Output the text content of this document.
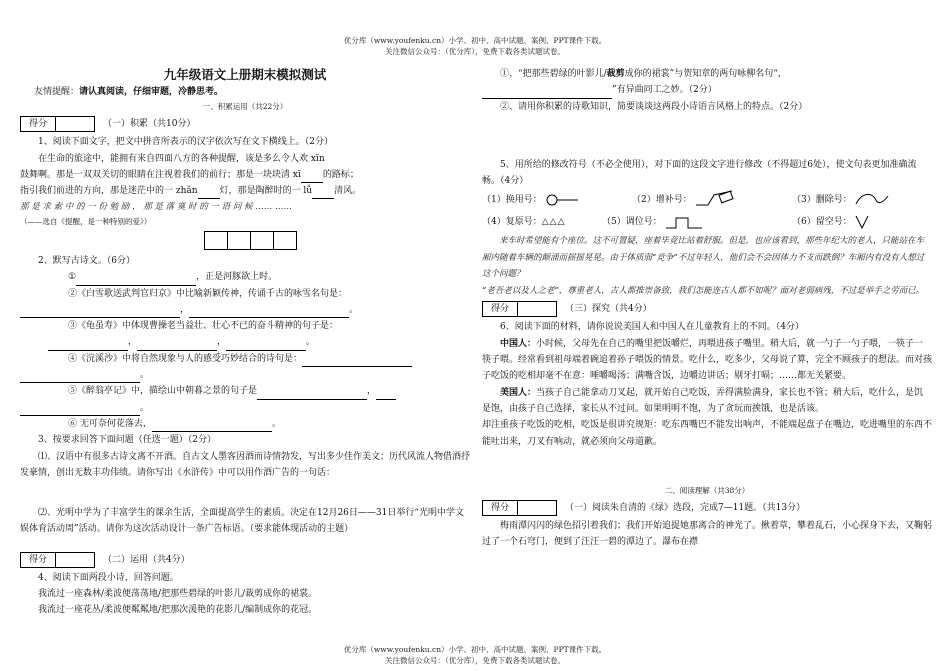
优分库（www.youfenku.cn）小学、初中、高中试题、案例、PPT课件下载。

关注微信公众号：（优分库），免费下载各类试题试卷。

九年级语文上册期末模拟测试

友情提醒：请认真阅读，仔细审题，冷静思考。

一、积累运用（共22分）

得分	（一）积累（共10分）

1、阅读下面文字，把文中拼音所表示的汉字依次写在文下横线上。（2分）

在生命的旅途中，能拥有来自四面八方的各种提醒，该是多么令人欢 xīn

鼓舞啊。那是一双双关切的眼睛在注视着我们的前行；那是一块块清 xī 的路标；

指引我们前进的方向，那是迷茫中的一 zhǎn 灯，那是陶醉时的一 lǚ 清风。

那 是 求 索 中 的 一 份 勉 励 ， 那 是 落 寞 时 的 一 语 问 候 …… ……

（——选自《提醒，是一种特别的爱》）

2、默写古诗文。（6分）

①	，正是河豚欲上时。

②《白雪歌送武判官归京》中比喻新颖传神，传诵千古的咏雪名句是：

，	。

③《龟虽寿》中体现曹操老当益壮、壮心不已的奋斗精神的句子是：

，	，	。

④《浣溪沙》中将自然现象与人的感受巧妙结合的诗句是：

。

⑤《醉翁亭记》中，描绘山中朝暮之景的句子是	，

。

⑥ 无可奈何花落去，	。

3、按要求回答下面问题（任选一题）（2分）

⑴、汉语中有很多古诗文离不开酒。自古文人墨客因酒而诗情勃发，写出多少佳作美文；历代风流人物借酒抒发豪情，创出无数丰功伟绩。请你写出《水浒传》中可以用作酒广告的一句话：

⑵、光明中学为了丰富学生的课余生活，全面提高学生的素质。决定在12月26日——31日举行“光明中学文娱体育活动周”活动。请你为这次活动设计一条广告标语。（要求能体现活动的主题）

得分	（二）运用（共4分）

4、阅读下面两段小诗，回答问题。

我流过一座森林/柔波便荡荡地/把那些碧绿的叶影儿/裁剪成你的裙裳。

我流过一座花丛/柔波便粼粼地/把那次湲艳的花影儿/编制成你的花冠。

①、“把那些碧绿的叶影儿/裁剪成你的裙裳”与贺知章的两句咏柳名句“，

”有异曲同工之妙。（2分）

②、请用你积累的诗歌知识，简要谈谈这两段小诗语言风格上的特点。（2分）

5、用所给的修改符号（不必全使用），对下面的这段文字进行修改（不得超过6处），使文句表更加准确流畅。（4分）

（1）换用号：	（2）增补号：	（3）删除号：
（4）复原号： △△△	（5）调位号：	（6）留空号：

来车时希望能有个座位。这不可置疑，座着毕竟比站着舒服。但是，也应该看到，那些年纪大的老人，只能站在车厢内随着车辆的颠涌而摇摇晃晃。由于体质弱“竞争”不过年轻人，他们会不会因体力不支而跌倒？车厢内有没有人想过这个问题？

“老吾老以及人之老”，尊重老人，古人都推崇备致，我们怎能连古人都不如呢？面对老弱病残，不过是举手之劳而已。

得分	（三）探究（共4分）

6、阅读下面的材料，请你说说美国人和中国人在儿童教育上的不同。（4分）

中国人：小时候，父母先在自己的嘴里把饭嚼烂，再喂进孩子嘴里。稍大后，就一勺子一勺子喂，一筷子一筷子喂。经常看到祖母端着碗追着孙子喂饭的情景。吃什么，吃多少，父母说了算，完全不顾孩子的想法。而对孩子吃饭的吃相却毫不在意：唾嚼喝汤；满嘴含饭，边嚼边讲话；剔牙打嗝；……都无关紧要。

美国人：当孩子自己能拿动刀叉起，就开始自己吃饭，弄得满脸满身，家长也不管；稍大后，吃什么，是饥是饱，由孩子自己选择，家长从不过问。如果明明不饱，为了贪玩而挨饿，也是活该。

却注重孩子吃饭的吃相，吃饭是很讲究规矩：吃东西嘴巴不能发出响声，不能端起盘子在嘴边，吃进嘴里的东西不能吐出来，刀叉有响动，就必须向父母道歉。

二、阅读理解（共38分）

得分	（一）阅读朱自清的《绿》选段，完成7—11题。（共13分）

梅雨潭闪闪的绿色招引着我们；我们开始追捉她那离合的神光了。揪着草，攀着乱石，小心探身下去，又鞠躬过了一个石穹门，便到了汪汪一碧的潭边了。瀑布在襟

优分库（www.youfenku.cn）小学、初中、高中试题、案例、PPT课件下载。

关注微信公众号：（优分库），免费下载各类试题试卷。
